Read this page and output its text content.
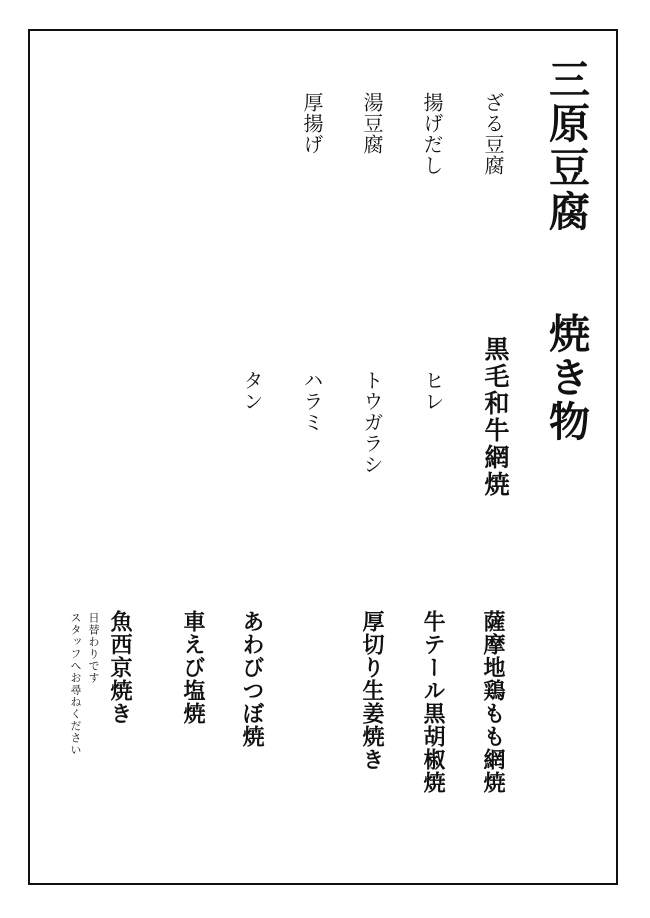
三原豆腐
ざる豆腐
揚げだし
湯豆腐
厚揚げ
焼き物
黒毛和牛網焼
ヒレ
トウガラシ
ハラミ
タン
薩摩地鶏もも網焼
牛テール黒胡椒焼
厚切り生姜焼き
あわびつぼ焼
車えび塩焼
魚西京焼き
日替わりです
スタッフへお尋ねください
